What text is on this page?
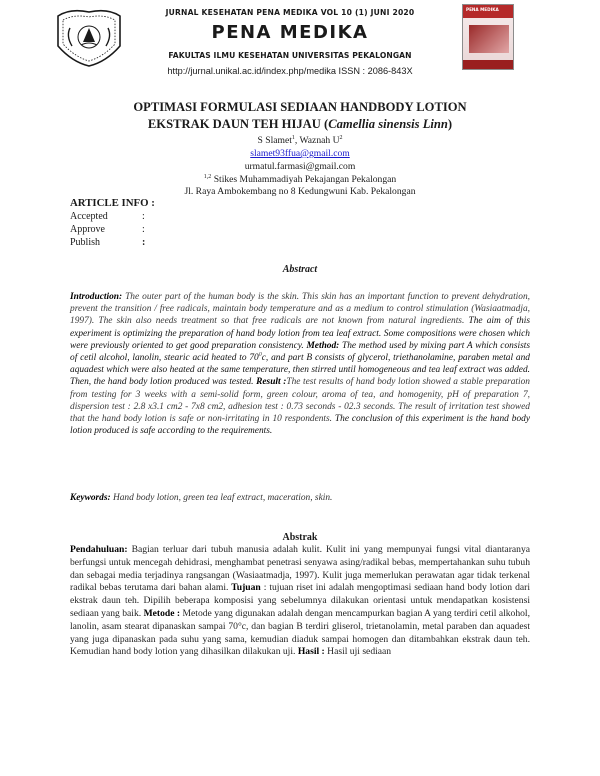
JURNAL KESEHATAN PENA MEDIKA VOL 10 (1) JUNI 2020
PENA MEDIKA
FAKULTAS ILMU KESEHATAN UNIVERSITAS PEKALONGAN
http://jurnal.unikal.ac.id/index.php/medika ISSN : 2086-843X
PENA MEDIKA
OPTIMASI FORMULASI SEDIAAN HANDBODY LOTION
EKSTRAK DAUN TEH HIJAU (Camellia sinensis Linn)
S Slamet$^1$, Waznah $U^2$
slamet93ffua@gmail.com
urmatul.farmasi@gmail.com
$^{1,2}$ Stikes Muhammadiyah Pekajangan Pekalongan
Jl. Raya Ambokembang no 8 Kedungwuni Kab. Pekalongan
ARTICLE INFO :
Accepted	:
Approve	:
Publish	:
Abstract
Introduction: The outer part of the human body is the skin. This skin has an important function to prevent dehydration, prevent the transition / free radicals, maintain body temperature and as a medium to control stimulation (Wasiaatmadja, 1997). The skin also needs treatment so that free radicals are not known from natural ingredients. The aim of this experiment is optimizing the preparation of hand body lotion from tea leaf extract. Some compositions were chosen which were previously oriented to get good preparation consistency. Method: The method used by mixing part A which consists of cetil alcohol, lanolin, stearic acid heated to $70^0c$, and part B consists of glycerol, triethanolamine, paraben metal and aquadest which were also heated at the same temperature, then stirred until homogeneous and tea leaf extract was added. Then, the hand body lotion produced was tested. Result :The test results of hand body lotion showed a stable preparation from testing for 3 weeks with a semi-solid form, green colour, aroma of tea, and homogenity, pH of preparation 7, dispersion test : 2.8 x3.1 cm2 - 7x8 cm2, adhesion test : 0.73 seconds - 02.3 seconds. The result of irritation test showed that the hand body lotion is safe or non-irritating in 10 respondents. The conclusion of this experiment is the hand body lotion produced is safe according to the requirements.
Keywords: Hand body lotion, green tea leaf extract, maceration, skin.
Abstrak
Pendahuluan: Bagian terluar dari tubuh manusia adalah kulit. Kulit ini yang mempunyai fungsi vital diantaranya berfungsi untuk mencegah dehidrasi, menghambat penetrasi senyawa asing/radikal bebas, mempertahankan suhu tubuh dan sebagai media terjadinya rangsangan (Wasiaatmadja, 1997). Kulit juga memerlukan perawatan agar tidak terkenal radikal bebas terutama dari bahan alami. Tujuan : tujuan riset ini adalah mengoptimasi sediaan hand body lotion dari ekstrak daun teh. Dipilih beberapa komposisi yang sebelumnya dilakukan orientasi untuk mendapatkan kosistensi sediaan yang baik. Metode : Metode yang digunakan adalah dengan mencampurkan bagian A yang terdiri cetil alkohol, lanolin, asam stearat dipanaskan sampai 70°c, dan bagian B terdiri gliserol, trietanolamin, metal paraben dan aquadest yang juga dipanaskan pada suhu yang sama, kemudian diaduk sampai homogen dan ditambahkan ekstrak daun teh. Kemudian hand body lotion yang dihasilkan dilakukan uji. Hasil : Hasil uji sediaan
